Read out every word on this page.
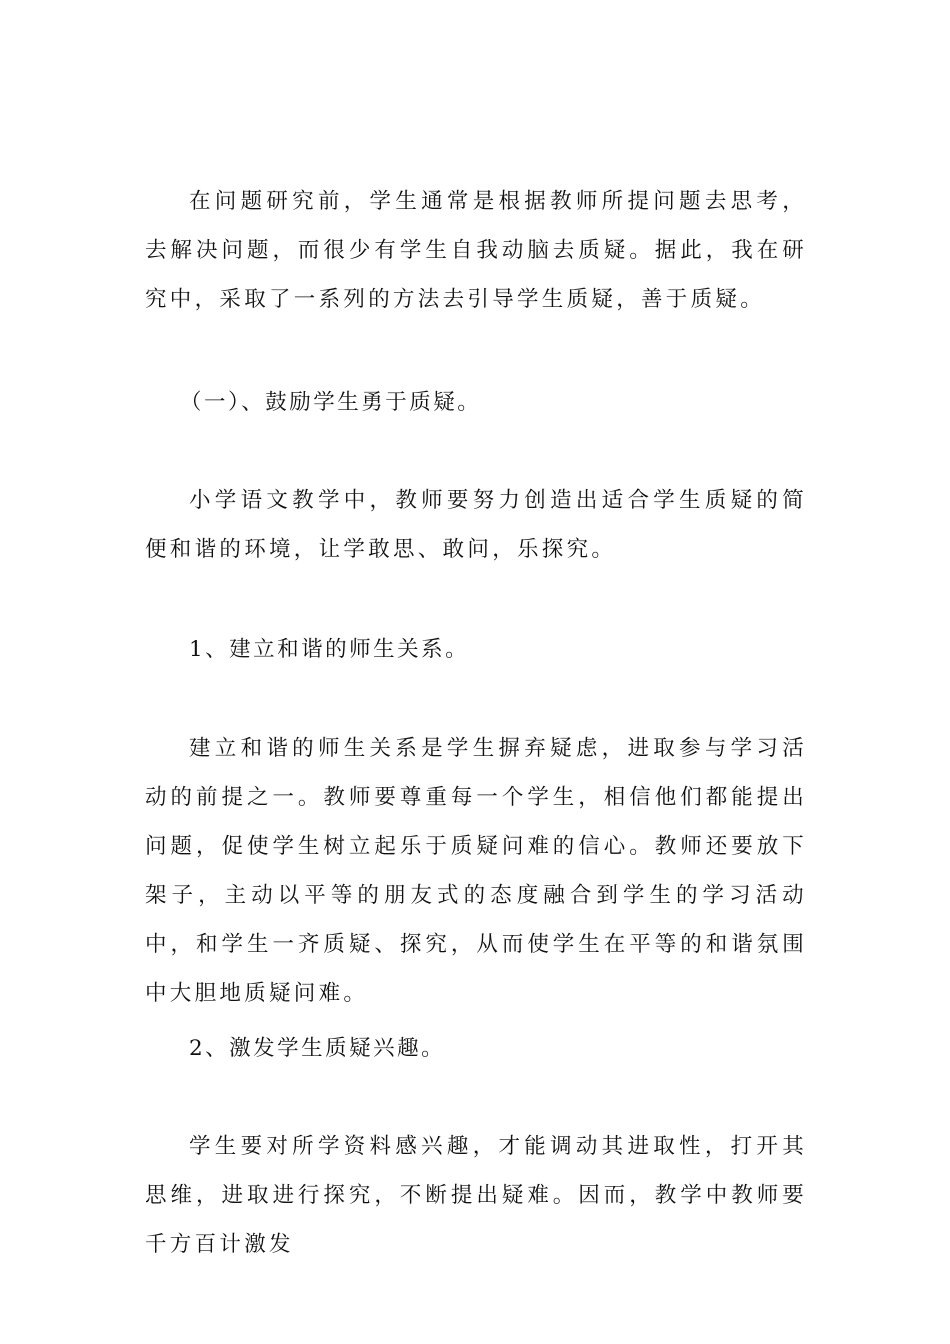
在问题研究前，学生通常是根据教师所提问题去思考，去解决问题，而很少有学生自我动脑去质疑。据此，我在研究中，采取了一系列的方法去引导学生质疑，善于质疑。

（一）、鼓励学生勇于质疑。

小学语文教学中，教师要努力创造出适合学生质疑的简便和谐的环境，让学敢思、敢问，乐探究。

1、建立和谐的师生关系。

建立和谐的师生关系是学生摒弃疑虑，进取参与学习活动的前提之一。教师要尊重每一个学生，相信他们都能提出问题，促使学生树立起乐于质疑问难的信心。教师还要放下架子，主动以平等的朋友式的态度融合到学生的学习活动中，和学生一齐质疑、探究，从而使学生在平等的和谐氛围中大胆地质疑问难。

2、激发学生质疑兴趣。

学生要对所学资料感兴趣，才能调动其进取性，打开其思维，进取进行探究，不断提出疑难。因而，教学中教师要千方百计激发
